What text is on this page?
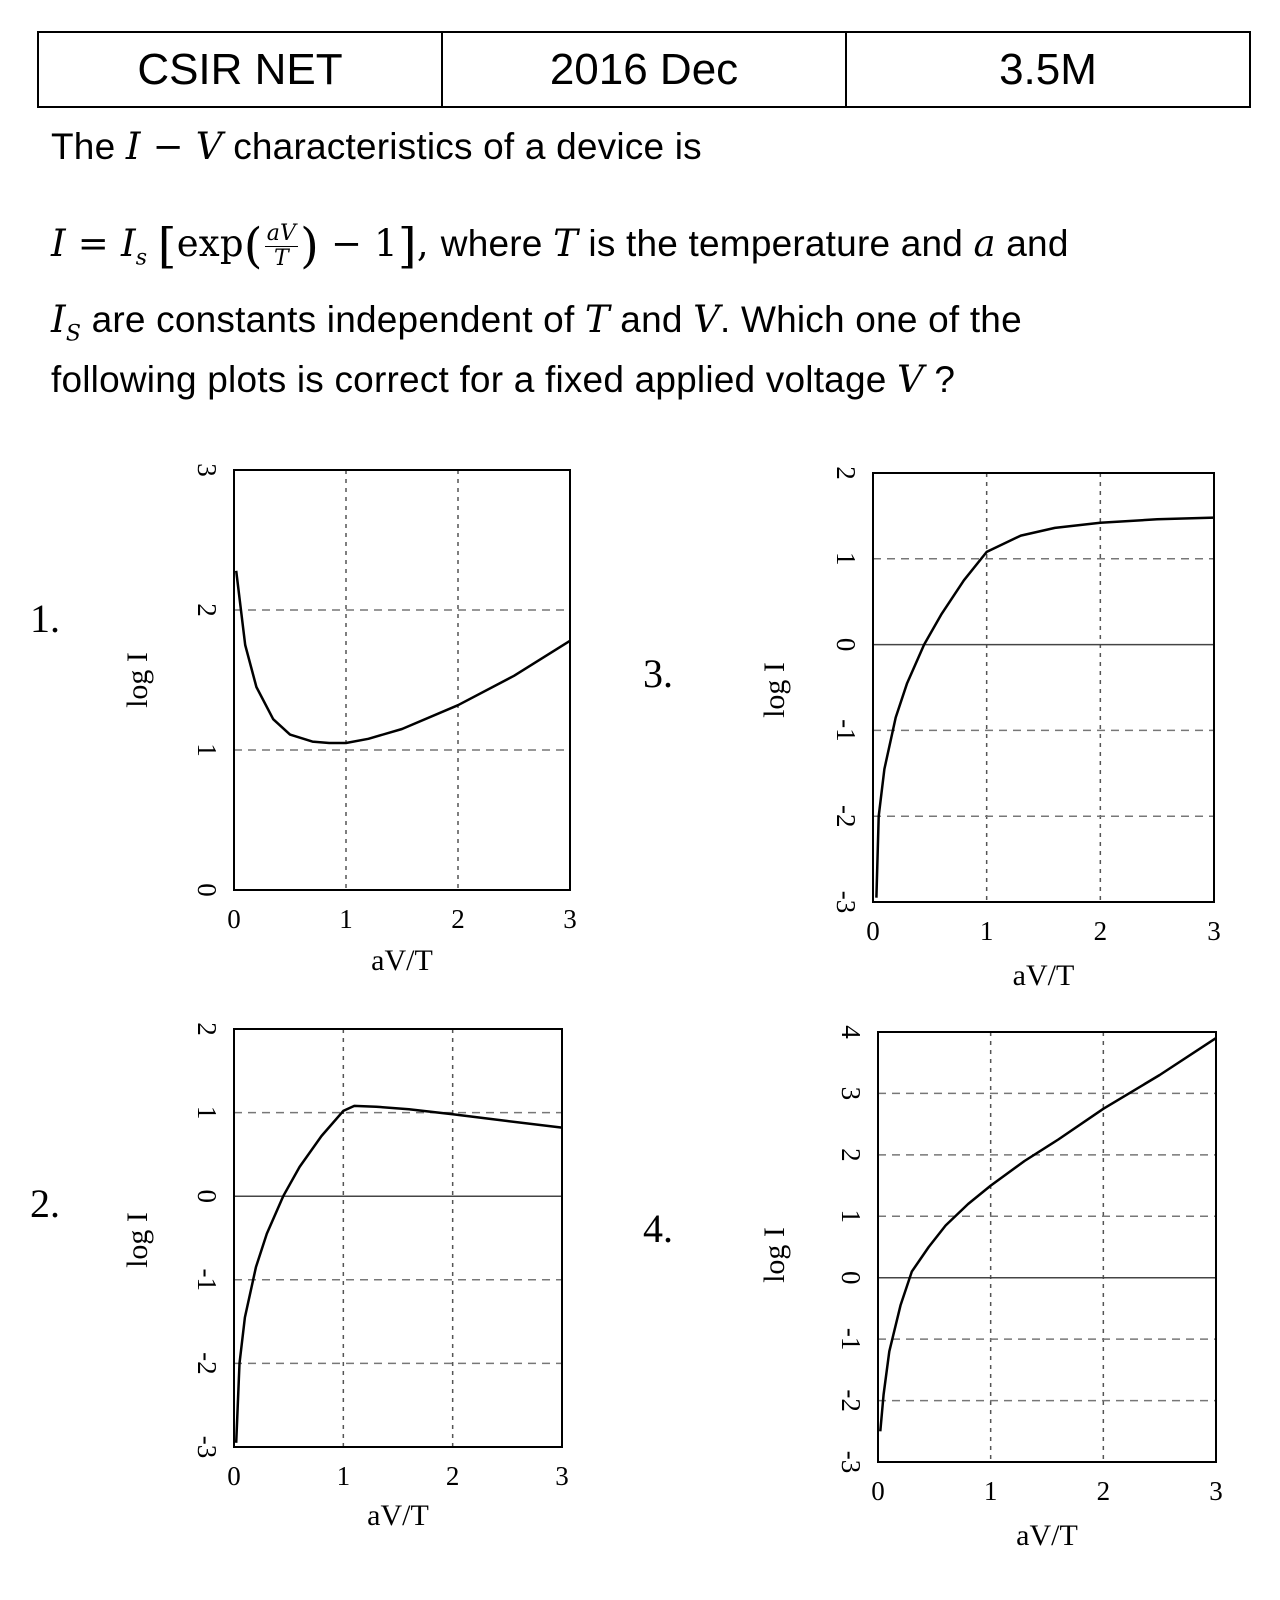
CSIR NET	2016 Dec	3.5M
The I − V characteristics of a device is
$I = I_s$ [$\exp( \frac{aV}{T}$ ) − 1], where T is the temperature and a and
$I_S$ are constants independent of T and V. Which one of the
following plots is correct for a fixed applied voltage V ?
1.
2.
3.
4.
0	1	2	3
0
1
2
3
aV/T
log I
0	1	2	3
-3
-2
-1
0
1
2
aV/T
log I
0	1	2	3
-3
-2
-1
0
1
2
aV/T
log I
0	1	2	3
-3
-2
-1
0
1
2
3
4
aV/T
log I
